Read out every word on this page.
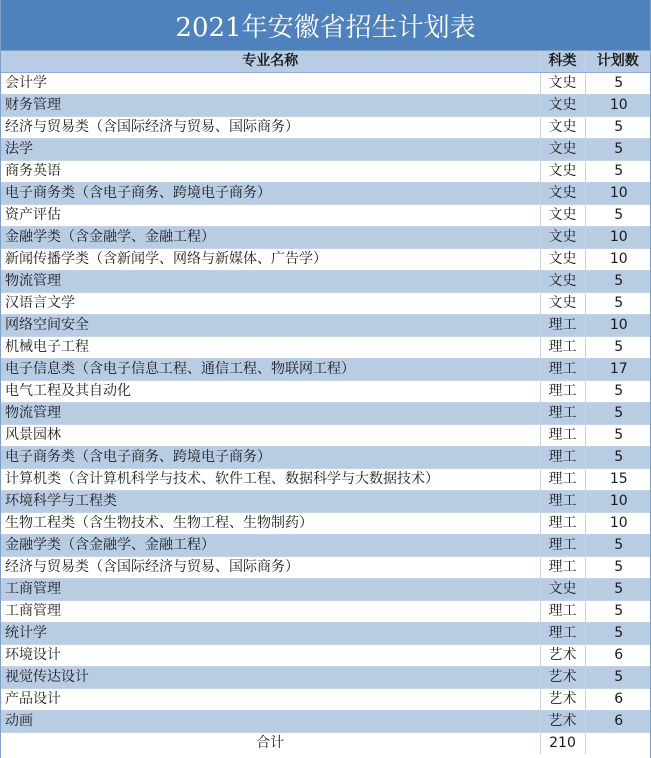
2021年安徽省招生计划表
专业名称	科类	计划数
会计学	文史	5
财务管理	文史	10
经济与贸易类（含国际经济与贸易、国际商务）	文史	5
法学	文史	5
商务英语	文史	5
电子商务类（含电子商务、跨境电子商务）	文史	10
资产评估	文史	5
金融学类（含金融学、金融工程）	文史	10
新闻传播学类（含新闻学、网络与新媒体、广告学）	文史	10
物流管理	文史	5
汉语言文学	文史	5
网络空间安全	理工	10
机械电子工程	理工	5
电子信息类（含电子信息工程、通信工程、物联网工程）	理工	17
电气工程及其自动化	理工	5
物流管理	理工	5
风景园林	理工	5
电子商务类（含电子商务、跨境电子商务）	理工	5
计算机类（含计算机科学与技术、软件工程、数据科学与大数据技术）	理工	15
环境科学与工程类	理工	10
生物工程类（含生物技术、生物工程、生物制药）	理工	10
金融学类（含金融学、金融工程）	理工	5
经济与贸易类（含国际经济与贸易、国际商务）	理工	5
工商管理	文史	5
工商管理	理工	5
统计学	理工	5
环境设计	艺术	6
视觉传达设计	艺术	5
产品设计	艺术	6
动画	艺术	6
合计	210	
